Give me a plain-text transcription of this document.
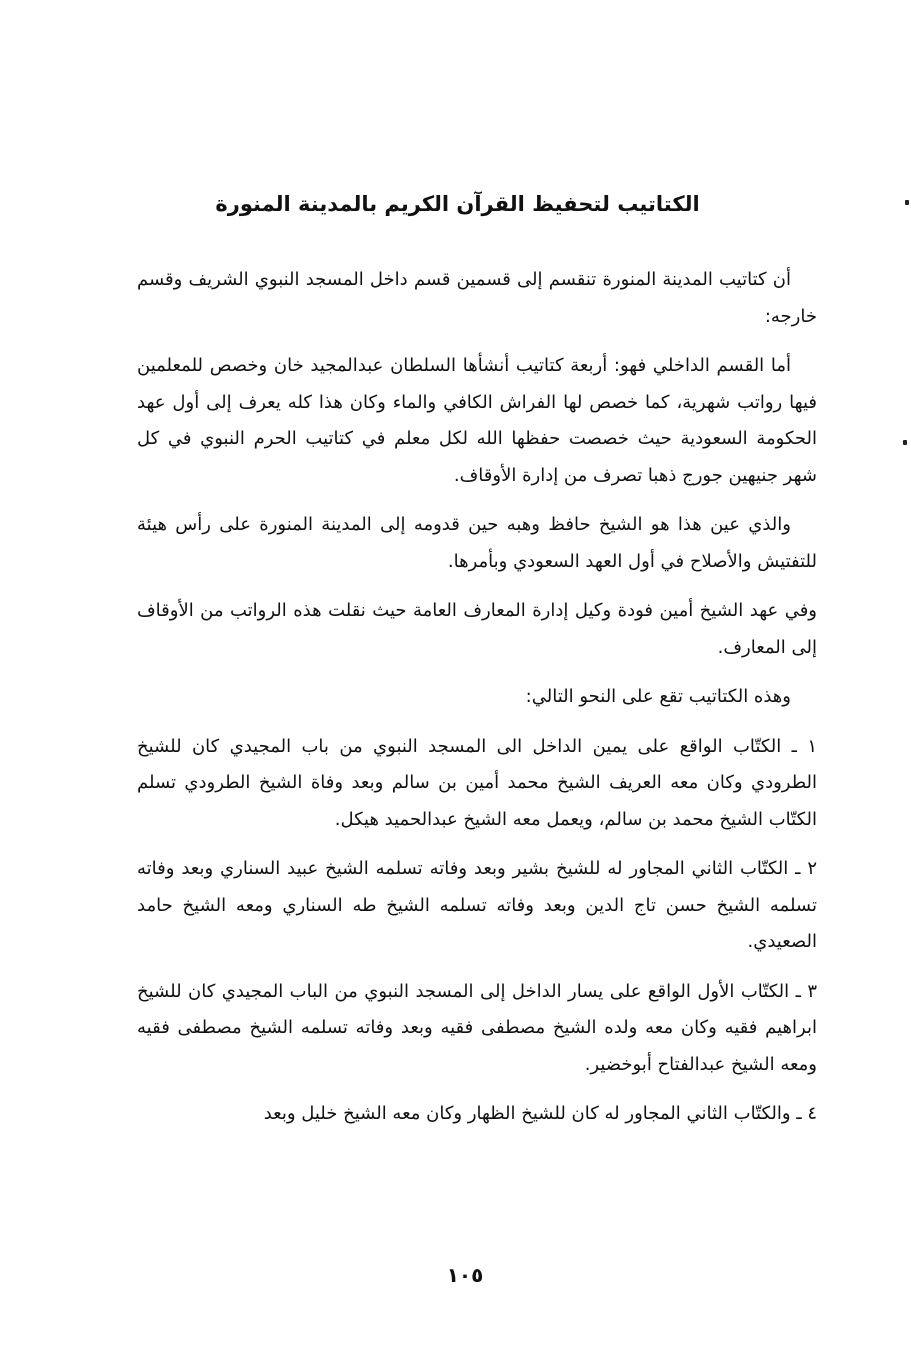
الكتاتيب لتحفيظ القرآن الكريم بالمدينة المنورة

أن كتاتيب المدينة المنورة تنقسم إلى قسمين قسم داخل المسجد النبوي الشريف وقسم خارجه:

أما القسم الداخلي فهو: أربعة كتاتيب أنشأها السلطان عبدالمجيد خان وخصص للمعلمين فيها رواتب شهرية، كما خصص لها الفراش الكافي والماء وكان هذا كله يعرف إلى أول عهد الحكومة السعودية حيث خصصت حفظها الله لكل معلم في كتاتيب الحرم النبوي في كل شهر جنيهين جورج ذهبا تصرف من إدارة الأوقاف.

والذي عين هذا هو الشيخ حافظ وهبه حين قدومه إلى المدينة المنورة على رأس هيئة للتفتيش والأصلاح في أول العهد السعودي وبأمرها.

وفي عهد الشيخ أمين فودة وكيل إدارة المعارف العامة حيث نقلت هذه الرواتب من الأوقاف إلى المعارف.

وهذه الكتاتيب تقع على النحو التالي:

١ ـ الكتّاب الواقع على يمين الداخل الى المسجد النبوي من باب المجيدي كان للشيخ الطرودي وكان معه العريف الشيخ محمد أمين بن سالم وبعد وفاة الشيخ الطرودي تسلم الكتّاب الشيخ محمد بن سالم، ويعمل معه الشيخ عبدالحميد هيكل.

٢ ـ الكتّاب الثاني المجاور له للشيخ بشير وبعد وفاته تسلمه الشيخ عبيد السناري وبعد وفاته تسلمه الشيخ حسن تاج الدين وبعد وفاته تسلمه الشيخ طه السناري ومعه الشيخ حامد الصعيدي.

٣ ـ الكتّاب الأول الواقع على يسار الداخل إلى المسجد النبوي من الباب المجيدي كان للشيخ ابراهيم فقيه وكان معه ولده الشيخ مصطفى فقيه وبعد وفاته تسلمه الشيخ مصطفى فقيه ومعه الشيخ عبدالفتاح أبوخضير.

٤ ـ والكتّاب الثاني المجاور له كان للشيخ الظهار وكان معه الشيخ خليل وبعد

١٠٥
